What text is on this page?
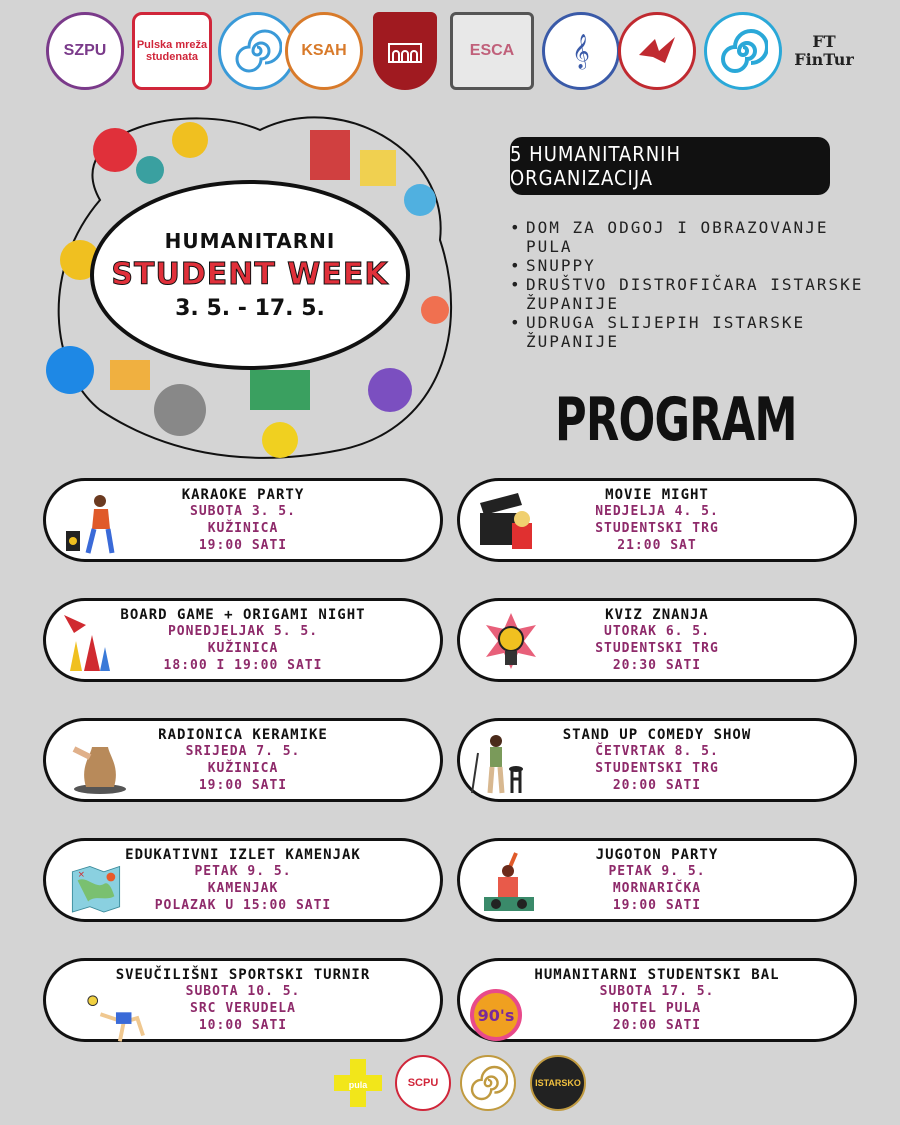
SZPU	Pulska mreža studenata	KSAH	ESCA 𝄞	FT FinTur
HUMANITARNI
STUDENT WEEK
3. 5. - 17. 5.
5 HUMANITARNIH ORGANIZACIJA
• DOM ZA ODGOJ I OBRAZOVANJE PULA
• SNUPPY
• DRUŠTVO DISTROFIČARA ISTARSKE ŽUPANIJE
• UDRUGA SLIJEPIH ISTARSKE ŽUPANIJE
PROGRAM
KARAOKE PARTY
SUBOTA 3. 5.
KUŽINICA
19:00 SATI
MOVIE MIGHT
NEDJELJA 4. 5.
STUDENTSKI TRG
21:00 SAT
BOARD GAME + ORIGAMI NIGHT
PONEDJELJAK 5. 5.
KUŽINICA
18:00 I 19:00 SATI
KVIZ ZNANJA
UTORAK 6. 5.
STUDENTSKI TRG
20:30 SATI
RADIONICA KERAMIKE
SRIJEDA 7. 5.
KUŽINICA
19:00 SATI
STAND UP COMEDY SHOW
ČETVRTAK 8. 5.
STUDENTSKI TRG
20:00 SATI
×
EDUKATIVNI IZLET KAMENJAK
PETAK 9. 5.
KAMENJAK
POLAZAK U 15:00 SATI
JUGOTON PARTY
PETAK 9. 5.
MORNARIČKA
19:00 SATI
SVEUČILIŠNI SPORTSKI TURNIR
SUBOTA 10. 5.
SRC VERUDELA
10:00 SATI	90's
HUMANITARNI STUDENTSKI BAL
SUBOTA 17. 5.
HOTEL PULA
20:00 SATI
pula	SCPU	ISTARSKO
